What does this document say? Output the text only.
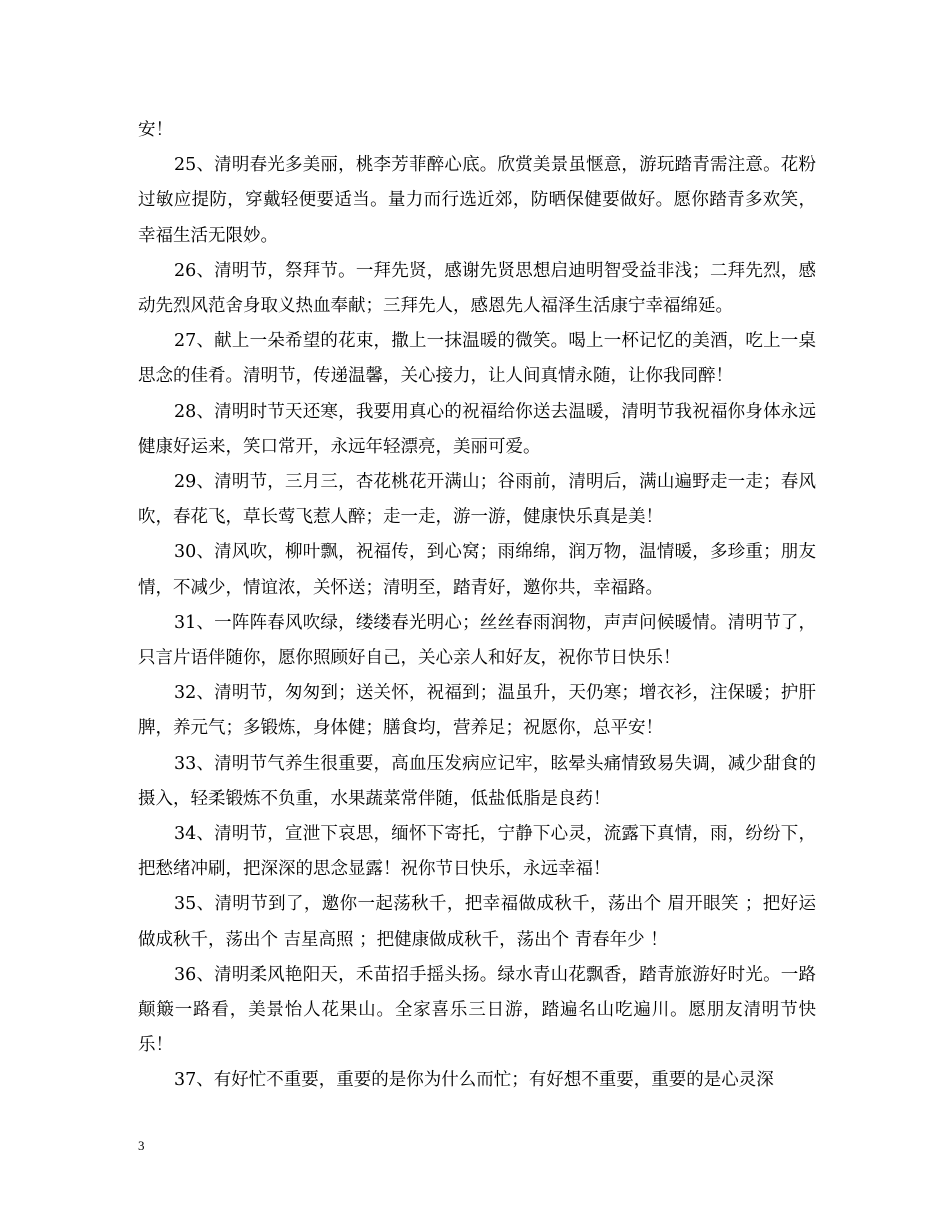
安！

25、清明春光多美丽，桃李芳菲醉心底。欣赏美景虽惬意，游玩踏青需注意。花粉过敏应提防，穿戴轻便要适当。量力而行选近郊，防晒保健要做好。愿你踏青多欢笑，幸福生活无限妙。

26、清明节，祭拜节。一拜先贤，感谢先贤思想启迪明智受益非浅；二拜先烈，感动先烈风范舍身取义热血奉献；三拜先人，感恩先人福泽生活康宁幸福绵延。

27、献上一朵希望的花束，撒上一抹温暖的微笑。喝上一杯记忆的美酒，吃上一桌思念的佳肴。清明节，传递温馨，关心接力，让人间真情永随，让你我同醉！

28、清明时节天还寒，我要用真心的祝福给你送去温暖，清明节我祝福你身体永远健康好运来，笑口常开，永远年轻漂亮，美丽可爱。

29、清明节，三月三，杏花桃花开满山；谷雨前，清明后，满山遍野走一走；春风吹，春花飞，草长莺飞惹人醉；走一走，游一游，健康快乐真是美！

30、清风吹，柳叶飘，祝福传，到心窝；雨绵绵，润万物，温情暖，多珍重；朋友情，不减少，情谊浓，关怀送；清明至，踏青好，邀你共，幸福路。

31、一阵阵春风吹绿，缕缕春光明心；丝丝春雨润物，声声问候暖情。清明节了，只言片语伴随你，愿你照顾好自己，关心亲人和好友，祝你节日快乐！

32、清明节，匆匆到；送关怀，祝福到；温虽升，天仍寒；增衣衫，注保暖；护肝脾，养元气；多锻炼，身体健；膳食均，营养足；祝愿你，总平安！

33、清明节气养生很重要，高血压发病应记牢，眩晕头痛情致易失调，减少甜食的摄入，轻柔锻炼不负重，水果蔬菜常伴随，低盐低脂是良药！

34、清明节，宣泄下哀思，缅怀下寄托，宁静下心灵，流露下真情，雨，纷纷下，把愁绪冲刷，把深深的思念显露！祝你节日快乐，永远幸福！

35、清明节到了，邀你一起荡秋千，把幸福做成秋千，荡出个 眉开眼笑 ；把好运做成秋千，荡出个 吉星高照 ；把健康做成秋千，荡出个 青春年少 ！

36、清明柔风艳阳天，禾苗招手摇头扬。绿水青山花飘香，踏青旅游好时光。一路颠簸一路看，美景怡人花果山。全家喜乐三日游，踏遍名山吃遍川。愿朋友清明节快乐！

37、有好忙不重要，重要的是你为什么而忙；有好想不重要，重要的是心灵深

3
